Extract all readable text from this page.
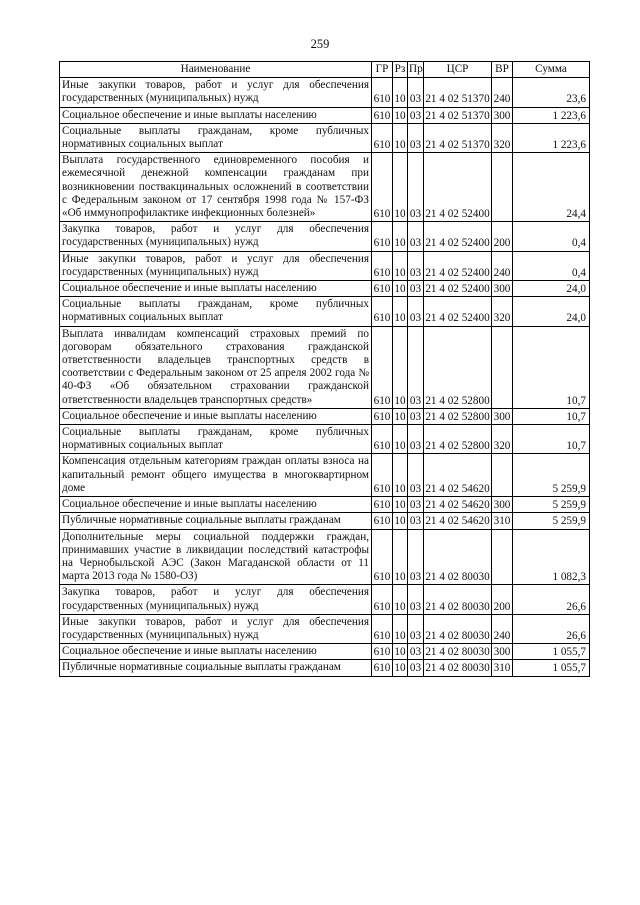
259
Наименование	ГР	Рз	Пр	ЦСР	ВР	Сумма
Иные закупки товаров, работ и услуг для обеспечения государственных (муниципальных) нужд	610	10	03	21 4 02 51370	240	23,6
Социальное обеспечение и иные выплаты населению	610	10	03	21 4 02 51370	300	1 223,6
Социальные выплаты гражданам, кроме публичных нормативных социальных выплат	610	10	03	21 4 02 51370	320	1 223,6
Выплата государственного единовременного пособия и ежемесячной денежной компенсации гражданам при возникновении поствакцинальных осложнений в соответствии с Федеральным законом от 17 сентября 1998 года № 157-ФЗ «Об иммунопрофилактике инфекционных болезней»	610	10	03	21 4 02 52400		24,4
Закупка товаров, работ и услуг для обеспечения государственных (муниципальных) нужд	610	10	03	21 4 02 52400	200	0,4
Иные закупки товаров, работ и услуг для обеспечения государственных (муниципальных) нужд	610	10	03	21 4 02 52400	240	0,4
Социальное обеспечение и иные выплаты населению	610	10	03	21 4 02 52400	300	24,0
Социальные выплаты гражданам, кроме публичных нормативных социальных выплат	610	10	03	21 4 02 52400	320	24,0
Выплата инвалидам компенсаций страховых премий по договорам обязательного страхования гражданской ответственности владельцев транспортных средств в соответствии с Федеральным законом от 25 апреля 2002 года № 40-ФЗ «Об обязательном страховании гражданской ответственности владельцев транспортных средств»	610	10	03	21 4 02 52800		10,7
Социальное обеспечение и иные выплаты населению	610	10	03	21 4 02 52800	300	10,7
Социальные выплаты гражданам, кроме публичных нормативных социальных выплат	610	10	03	21 4 02 52800	320	10,7
Компенсация отдельным категориям граждан оплаты взноса на капитальный ремонт общего имущества в многоквартирном доме	610	10	03	21 4 02 54620		5 259,9
Социальное обеспечение и иные выплаты населению	610	10	03	21 4 02 54620	300	5 259,9
Публичные нормативные социальные выплаты гражданам	610	10	03	21 4 02 54620	310	5 259,9
Дополнительные меры социальной поддержки граждан, принимавших участие в ликвидации последствий катастрофы на Чернобыльской АЭС (Закон Магаданской области от 11 марта 2013 года № 1580-ОЗ)	610	10	03	21 4 02 80030		1 082,3
Закупка товаров, работ и услуг для обеспечения государственных (муниципальных) нужд	610	10	03	21 4 02 80030	200	26,6
Иные закупки товаров, работ и услуг для обеспечения государственных (муниципальных) нужд	610	10	03	21 4 02 80030	240	26,6
Социальное обеспечение и иные выплаты населению	610	10	03	21 4 02 80030	300	1 055,7
Публичные нормативные социальные выплаты гражданам	610	10	03	21 4 02 80030	310	1 055,7
